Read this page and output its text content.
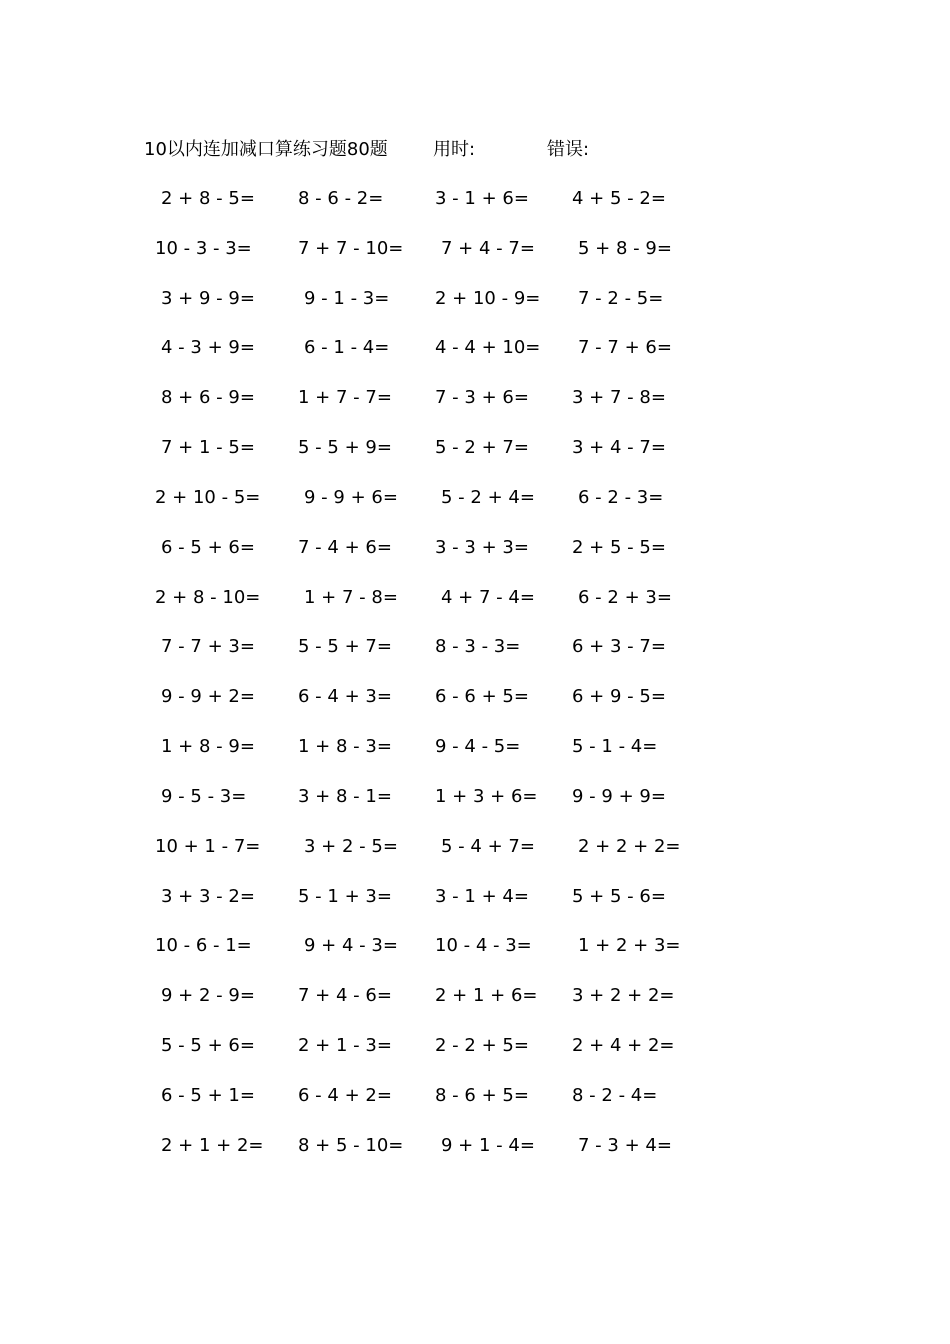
10以内连加减口算练习题80题	用时:	错误:
2 + 8 - 5= 8 - 6 - 2=	3 - 1 + 6= 4 + 5 - 2=
10 - 3 - 3=	7 + 7 - 10= 7 + 4 - 7= 5 + 8 - 9=
3 + 9 - 9=	9 - 1 - 3=	2 + 10 - 9= 7 - 2 - 5=
4 - 3 + 9=	6 - 1 - 4=	4 - 4 + 10= 7 - 7 + 6=
8 + 6 - 9= 1 + 7 - 7= 7 - 3 + 6= 3 + 7 - 8=
7 + 1 - 5= 5 - 5 + 9= 5 - 2 + 7= 3 + 4 - 7=
2 + 10 - 5= 9 - 9 + 6= 5 - 2 + 4= 6 - 2 - 3=
6 - 5 + 6= 7 - 4 + 6= 3 - 3 + 3= 2 + 5 - 5=
2 + 8 - 10= 1 + 7 - 8= 4 + 7 - 4= 6 - 2 + 3=
7 - 7 + 3= 5 - 5 + 7= 8 - 3 - 3=	6 + 3 - 7=
9 - 9 + 2= 6 - 4 + 3= 6 - 6 + 5= 6 + 9 - 5=
1 + 8 - 9= 1 + 8 - 3= 9 - 4 - 5=	5 - 1 - 4=
9 - 5 - 3=	3 + 8 - 1= 1 + 3 + 6= 9 - 9 + 9=
10 + 1 - 7= 3 + 2 - 5= 5 - 4 + 7= 2 + 2 + 2=
3 + 3 - 2= 5 - 1 + 3= 3 - 1 + 4= 5 + 5 - 6=
10 - 6 - 1=	9 + 4 - 3= 10 - 4 - 3=	1 + 2 + 3=
9 + 2 - 9= 7 + 4 - 6= 2 + 1 + 6= 3 + 2 + 2=
5 - 5 + 6= 2 + 1 - 3= 2 - 2 + 5= 2 + 4 + 2=
6 - 5 + 1= 6 - 4 + 2= 8 - 6 + 5= 8 - 2 - 4=
2 + 1 + 2= 8 + 5 - 10= 9 + 1 - 4= 7 - 3 + 4=
